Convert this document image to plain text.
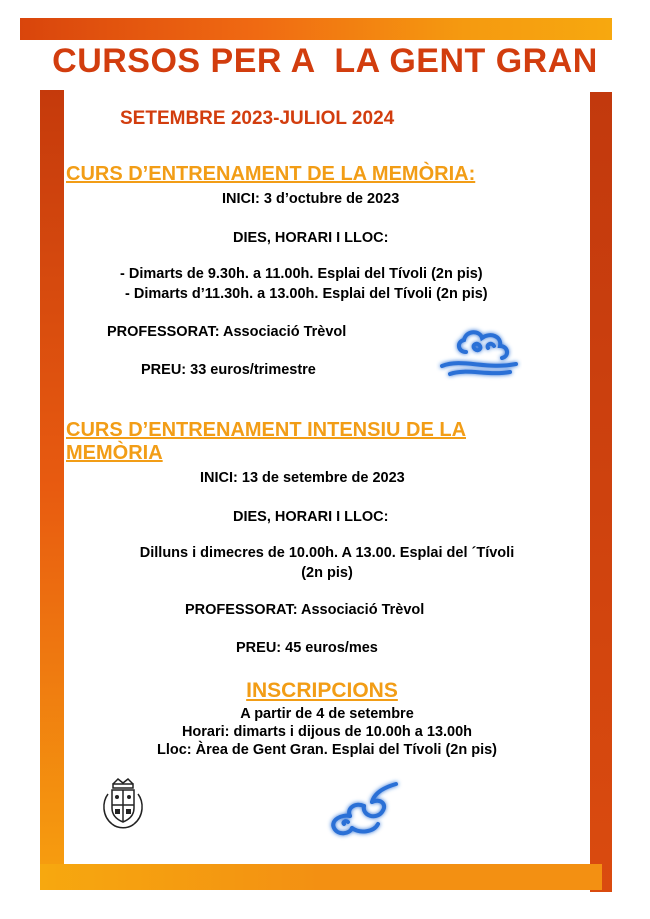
CURSOS PER A  LA GENT GRAN
SETEMBRE 2023-JULIOL 2024
CURS D’ENTRENAMENT DE LA MEMÒRIA:
INICI: 3 d’octubre de 2023
DIES, HORARI I LLOC:
- Dimarts de 9.30h. a 11.00h. Esplai del Tívoli (2n pis)
- Dimarts d’11.30h. a 13.00h. Esplai del Tívoli (2n pis)
PROFESSORAT: Associació Trèvol
PREU: 33 euros/trimestre
CURS D’ENTRENAMENT INTENSIU DE LA
MEMÒRIA
INICI: 13 de setembre de 2023
DIES, HORARI I LLOC:
Dilluns i dimecres de 10.00h. A 13.00. Esplai del ´Tívoli
(2n pis)
PROFESSORAT: Associació Trèvol
PREU: 45 euros/mes
INSCRIPCIONS
A partir de 4 de setembre
Horari: dimarts i dijous de 10.00h a 13.00h
Lloc: Àrea de Gent Gran. Esplai del Tívoli (2n pis)
